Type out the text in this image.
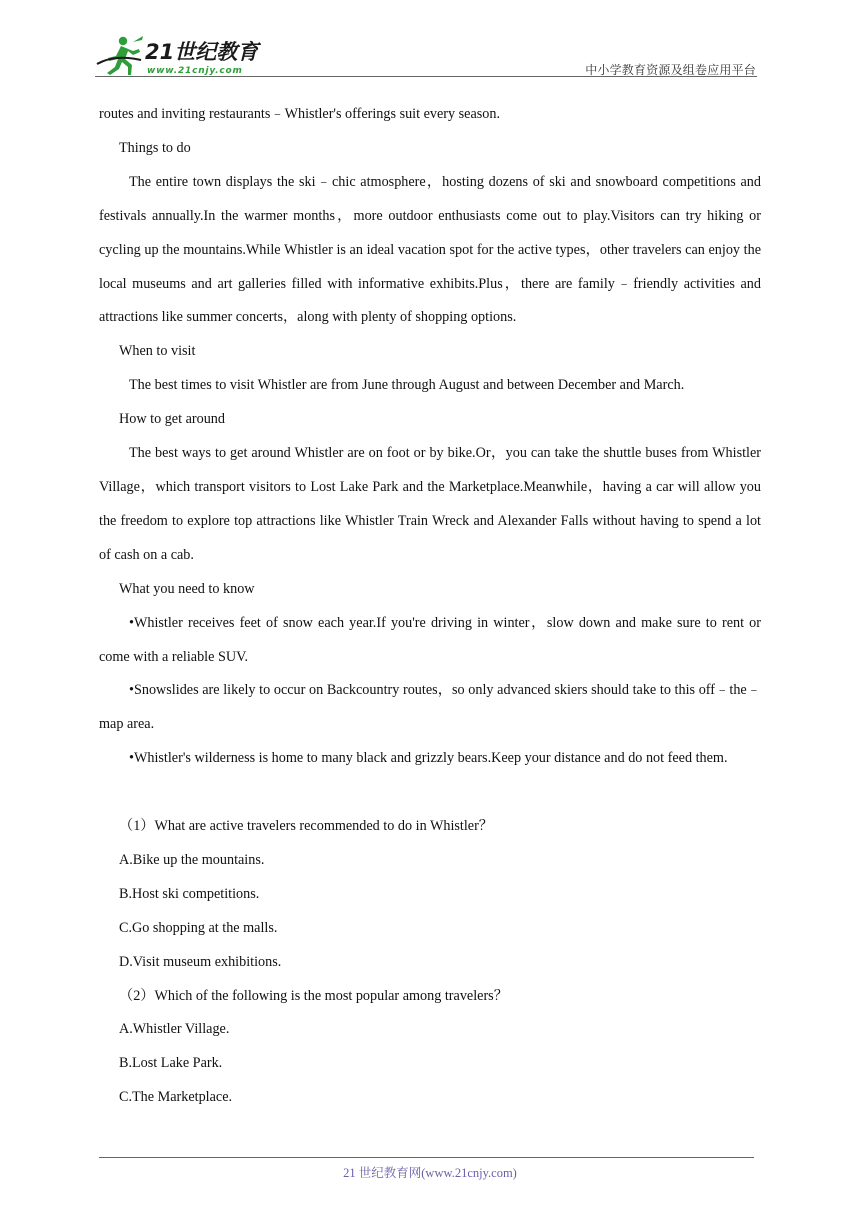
21世纪教育
www.21cnjy.com	中小学教育资源及组卷应用平台

routes and inviting restaurants﹣Whistler's offerings suit every season.

Things to do

The entire town displays the ski﹣chic atmosphere，hosting dozens of ski and snowboard competitions and festivals annually.In the warmer months，more outdoor enthusiasts come out to play.Visitors can try hiking or cycling up the mountains.While Whistler is an ideal vacation spot for the active types，other travelers can enjoy the local museums and art galleries filled with informative exhibits.Plus，there are family﹣friendly activities and attractions like summer concerts，along with plenty of shopping options.

When to visit

The best times to visit Whistler are from June through August and between December and March.

How to get around

The best ways to get around Whistler are on foot or by bike.Or，you can take the shuttle buses from Whistler Village，which transport visitors to Lost Lake Park and the Marketplace.Meanwhile，having a car will allow you the freedom to explore top attractions like Whistler Train Wreck and Alexander Falls without having to spend a lot of cash on a cab.

What you need to know

•Whistler receives feet of snow each year.If you're driving in winter，slow down and make sure to rent or come with a reliable SUV.

•Snowslides are likely to occur on Backcountry routes，so only advanced skiers should take to this off﹣the﹣map area.

•Whistler's wilderness is home to many black and grizzly bears.Keep your distance and do not feed them.

（1）What are active travelers recommended to do in Whistler？

A.Bike up the mountains.

B.Host ski competitions.

C.Go shopping at the malls.

D.Visit museum exhibitions.

（2）Which of the following is the most popular among travelers？

A.Whistler Village.

B.Lost Lake Park.

C.The Marketplace.

21 世纪教育网(www.21cnjy.com)
